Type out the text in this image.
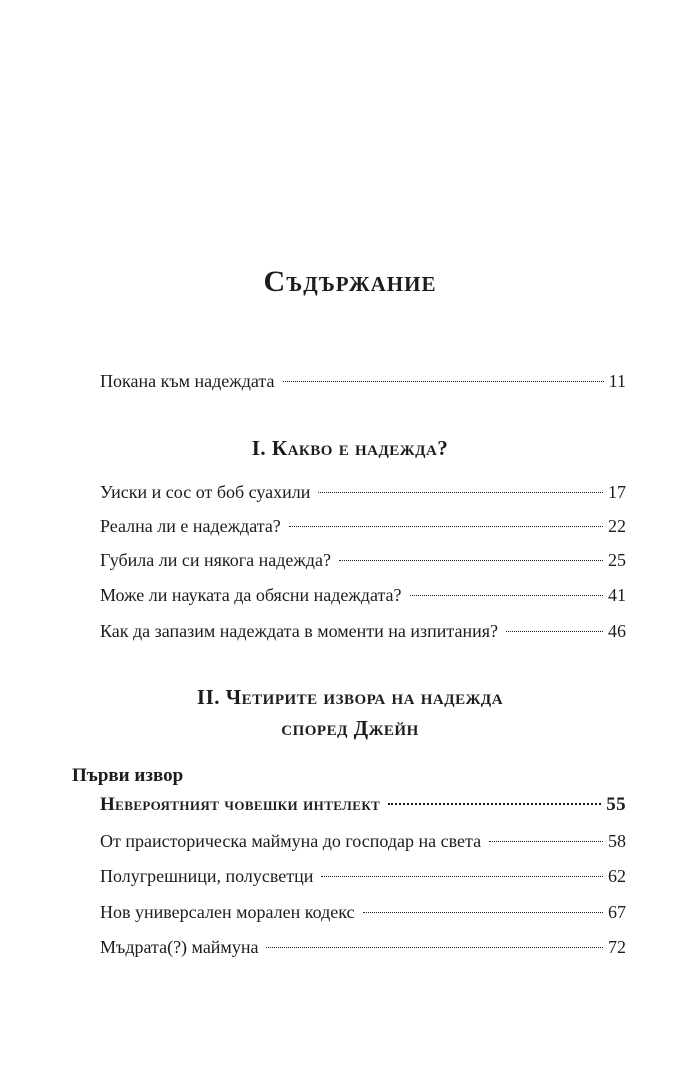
Съдържание
Покана към надеждата	11
I. Какво е надежда?
Уиски и сос от боб суахили	17
Реална ли е надеждата?	22
Губила ли си някога надежда?	25
Може ли науката да обясни надеждата?	41
Как да запазим надеждата в моменти на изпитания?	46
II. Четирите извора на надежда
според Джейн
Първи извор
Невероятният човешки интелект	55
От праисторическа маймуна до господар на света	58
Полугрешници, полусветци	62
Нов универсален морален кодекс	67
Мъдрата(?) маймуна	72
